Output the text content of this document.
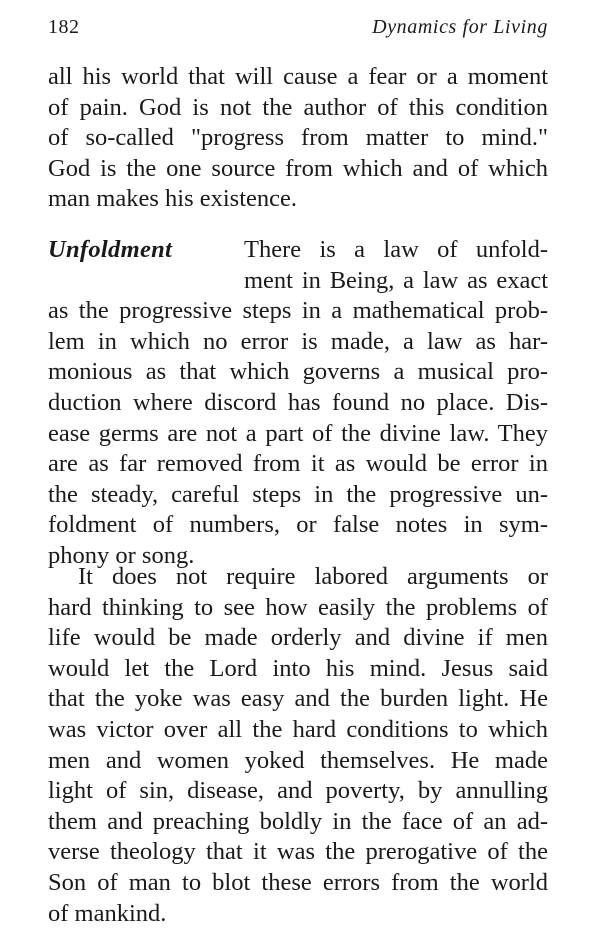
182	Dynamics for Living
all his world that will cause a fear or a moment
of pain. God is not the author of this condition
of so-called "progress from matter to mind."
God is the one source from which and of which
man makes his existence.
Unfoldment	There is a law of unfold-
ment in Being, a law as exact
as the progressive steps in a mathematical prob-
lem in which no error is made, a law as har-
monious as that which governs a musical pro-
duction where discord has found no place. Dis-
ease germs are not a part of the divine law. They
are as far removed from it as would be error in
the steady, careful steps in the progressive un-
foldment of numbers, or false notes in sym-
phony or song.
It does not require labored arguments or
hard thinking to see how easily the problems of
life would be made orderly and divine if men
would let the Lord into his mind. Jesus said
that the yoke was easy and the burden light. He
was victor over all the hard conditions to which
men and women yoked themselves. He made
light of sin, disease, and poverty, by annulling
them and preaching boldly in the face of an ad-
verse theology that it was the prerogative of the
Son of man to blot these errors from the world
of mankind.
